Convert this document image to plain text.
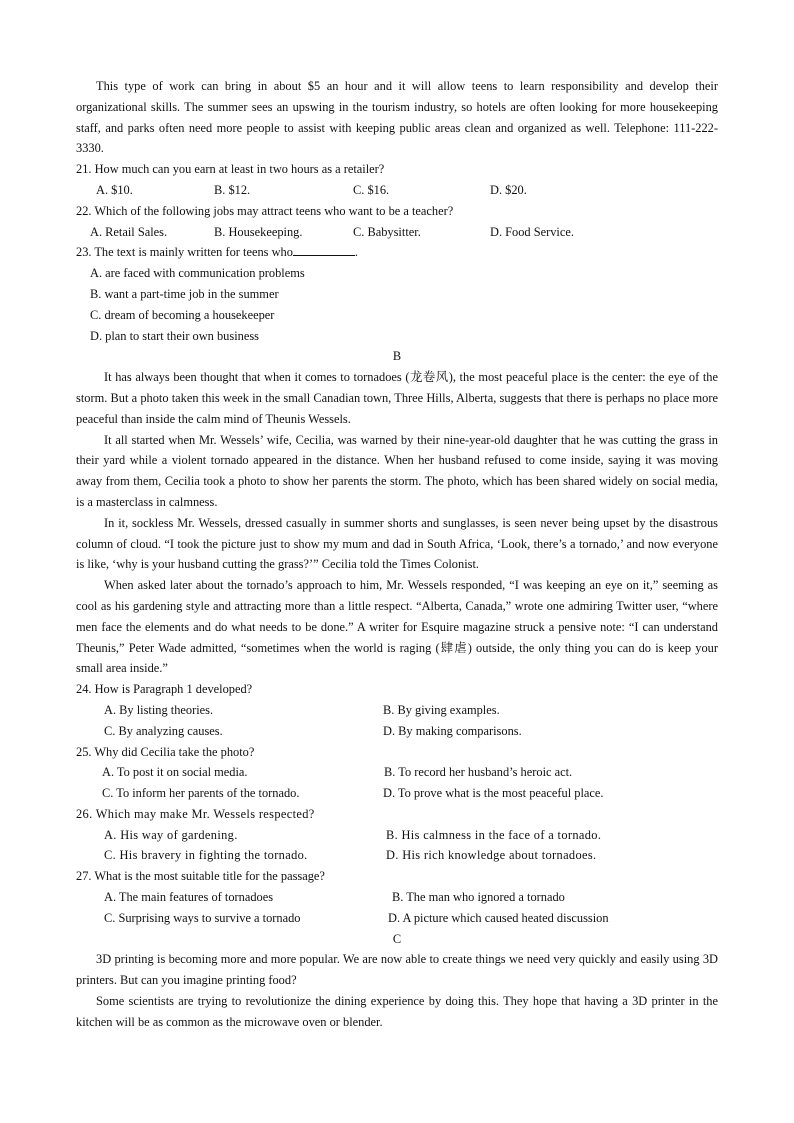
This type of work can bring in about $5 an hour and it will allow teens to learn responsibility and develop their organizational skills. The summer sees an upswing in the tourism industry, so hotels are often looking for more housekeeping staff, and parks often need more people to assist with keeping public areas clean and organized as well. Telephone: 111-222-3330.

21. How much can you earn at least in two hours as a retailer?
A. $10.	B. $12.	C. $16.	D. $20.
22. Which of the following jobs may attract teens who want to be a teacher?
A. Retail Sales.	B. Housekeeping.	C. Babysitter.	D. Food Service.
23. The text is mainly written for teens who	.
A. are faced with communication problems
B. want a part-time job in the summer
C. dream of becoming a housekeeper
D. plan to start their own business
B

It has always been thought that when it comes to tornadoes (龙卷风), the most peaceful place is the center: the eye of the storm. But a photo taken this week in the small Canadian town, Three Hills, Alberta, suggests that there is perhaps no place more peaceful than inside the calm mind of Theunis Wessels.

It all started when Mr. Wessels’ wife, Cecilia, was warned by their nine-year-old daughter that he was cutting the grass in their yard while a violent tornado appeared in the distance. When her husband refused to come inside, saying it was moving away from them, Cecilia took a photo to show her parents the storm. The photo, which has been shared widely on social media, is a masterclass in calmness.

In it, sockless Mr. Wessels, dressed casually in summer shorts and sunglasses, is seen never being upset by the disastrous column of cloud. “I took the picture just to show my mum and dad in South Africa, ‘Look, there’s a tornado,’ and now everyone is like, ‘why is your husband cutting the grass?’” Cecilia told the Times Colonist.

When asked later about the tornado’s approach to him, Mr. Wessels responded, “I was keeping an eye on it,” seeming as cool as his gardening style and attracting more than a little respect. “Alberta, Canada,” wrote one admiring Twitter user, “where men face the elements and do what needs to be done.” A writer for Esquire magazine struck a pensive note: “I can understand Theunis,” Peter Wade admitted, “sometimes when the world is raging (肆虐) outside, the only thing you can do is keep your small area inside.”

24. How is Paragraph 1 developed?
A. By listing theories.	B. By giving examples.
C. By analyzing causes.	D. By making comparisons.
25. Why did Cecilia take the photo?
A. To post it on social media.	B. To record her husband’s heroic act.
C. To inform her parents of the tornado.	D. To prove what is the most peaceful place.
26. Which may make Mr. Wessels respected?
A. His way of gardening.	B. His calmness in the face of a tornado.
C. His bravery in fighting the tornado.	D. His rich knowledge about tornadoes.
27. What is the most suitable title for the passage?
A. The main features of tornadoes	B. The man who ignored a tornado
C. Surprising ways to survive a tornado	D. A picture which caused heated discussion
C

3D printing is becoming more and more popular. We are now able to create things we need very quickly and easily using 3D printers. But can you imagine printing food?

Some scientists are trying to revolutionize the dining experience by doing this. They hope that having a 3D printer in the kitchen will be as common as the microwave oven or blender.
